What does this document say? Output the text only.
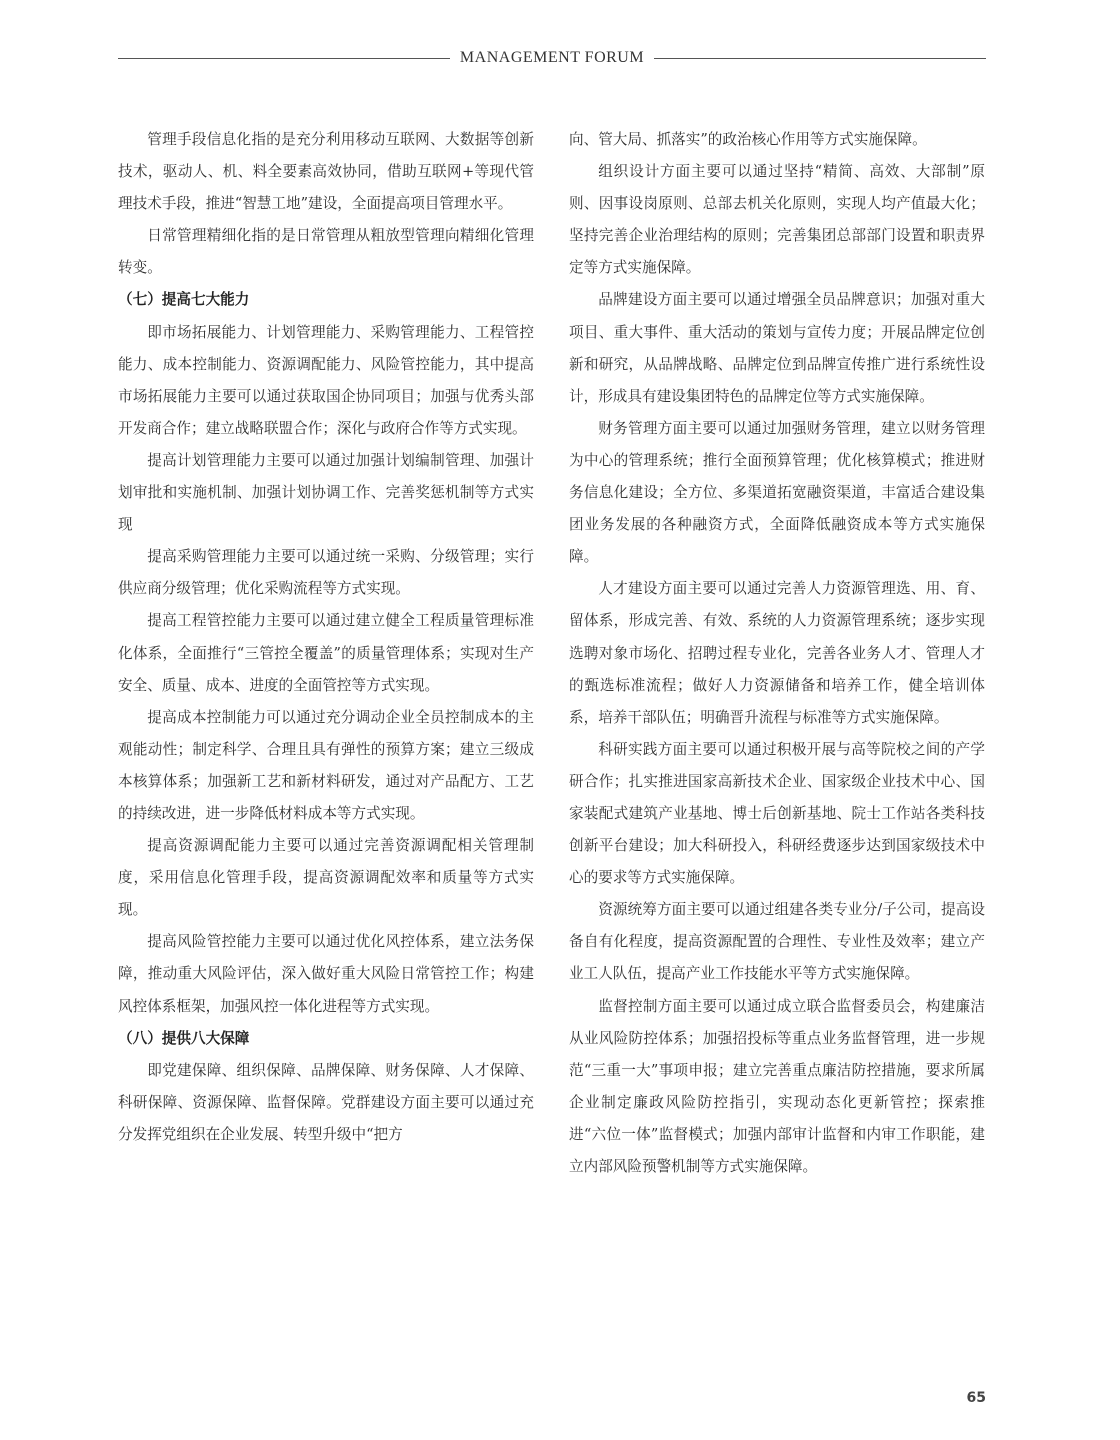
MANAGEMENT FORUM

管理手段信息化指的是充分利用移动互联网、大数据等创新技术，驱动人、机、料全要素高效协同，借助互联网+等现代管理技术手段，推进“智慧工地”建设，全面提高项目管理水平。

日常管理精细化指的是日常管理从粗放型管理向精细化管理转变。

（七）提高七大能力

即市场拓展能力、计划管理能力、采购管理能力、工程管控能力、成本控制能力、资源调配能力、风险管控能力，其中提高市场拓展能力主要可以通过获取国企协同项目；加强与优秀头部开发商合作；建立战略联盟合作；深化与政府合作等方式实现。

提高计划管理能力主要可以通过加强计划编制管理、加强计划审批和实施机制、加强计划协调工作、完善奖惩机制等方式实现

提高采购管理能力主要可以通过统一采购、分级管理；实行供应商分级管理；优化采购流程等方式实现。

提高工程管控能力主要可以通过建立健全工程质量管理标准化体系，全面推行“三管控全覆盖”的质量管理体系；实现对生产安全、质量、成本、进度的全面管控等方式实现。

提高成本控制能力可以通过充分调动企业全员控制成本的主观能动性；制定科学、合理且具有弹性的预算方案；建立三级成本核算体系；加强新工艺和新材料研发，通过对产品配方、工艺的持续改进，进一步降低材料成本等方式实现。

提高资源调配能力主要可以通过完善资源调配相关管理制度，采用信息化管理手段，提高资源调配效率和质量等方式实现。

提高风险管控能力主要可以通过优化风控体系，建立法务保障，推动重大风险评估，深入做好重大风险日常管控工作；构建风控体系框架，加强风控一体化进程等方式实现。

（八）提供八大保障

即党建保障、组织保障、品牌保障、财务保障、人才保障、科研保障、资源保障、监督保障。党群建设方面主要可以通过充分发挥党组织在企业发展、转型升级中“把方

向、管大局、抓落实”的政治核心作用等方式实施保障。

组织设计方面主要可以通过坚持“精简、高效、大部制”原则、因事设岗原则、总部去机关化原则，实现人均产值最大化；坚持完善企业治理结构的原则；完善集团总部部门设置和职责界定等方式实施保障。

品牌建设方面主要可以通过增强全员品牌意识；加强对重大项目、重大事件、重大活动的策划与宣传力度；开展品牌定位创新和研究，从品牌战略、品牌定位到品牌宣传推广进行系统性设计，形成具有建设集团特色的品牌定位等方式实施保障。

财务管理方面主要可以通过加强财务管理，建立以财务管理为中心的管理系统；推行全面预算管理；优化核算模式；推进财务信息化建设；全方位、多渠道拓宽融资渠道，丰富适合建设集团业务发展的各种融资方式，全面降低融资成本等方式实施保障。

人才建设方面主要可以通过完善人力资源管理选、用、育、留体系，形成完善、有效、系统的人力资源管理系统；逐步实现选聘对象市场化、招聘过程专业化，完善各业务人才、管理人才的甄选标准流程；做好人力资源储备和培养工作，健全培训体系，培养干部队伍；明确晋升流程与标准等方式实施保障。

科研实践方面主要可以通过积极开展与高等院校之间的产学研合作；扎实推进国家高新技术企业、国家级企业技术中心、国家装配式建筑产业基地、博士后创新基地、院士工作站各类科技创新平台建设；加大科研投入，科研经费逐步达到国家级技术中心的要求等方式实施保障。

资源统筹方面主要可以通过组建各类专业分/子公司，提高设备自有化程度，提高资源配置的合理性、专业性及效率；建立产业工人队伍，提高产业工作技能水平等方式实施保障。

监督控制方面主要可以通过成立联合监督委员会，构建廉洁从业风险防控体系；加强招投标等重点业务监督管理，进一步规范“三重一大”事项申报；建立完善重点廉洁防控措施，要求所属企业制定廉政风险防控指引，实现动态化更新管控；探索推进“六位一体”监督模式；加强内部审计监督和内审工作职能，建立内部风险预警机制等方式实施保障。

65
